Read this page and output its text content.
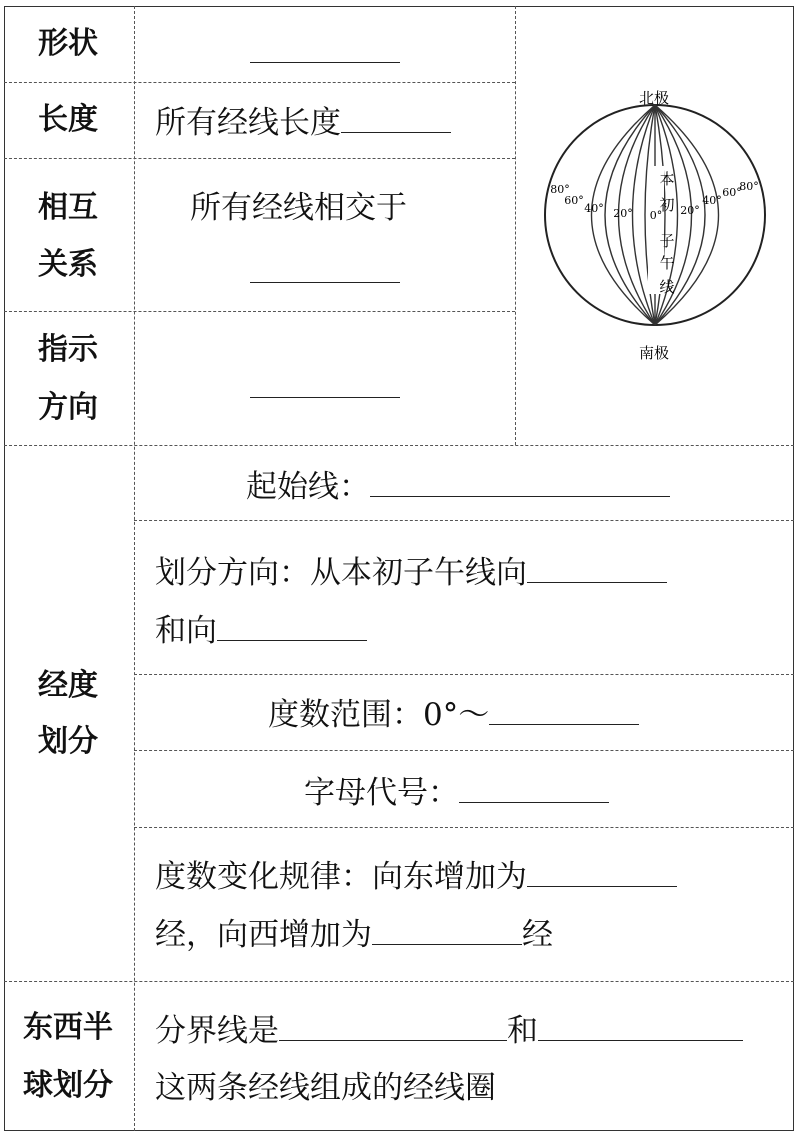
形状
长度
相互
关系
指示
方向
经度
划分
东西半
球划分
所有经线长度
所有经线相交于
起始线：
划分方向：从本初子午线向
和向
度数范围：0°～
字母代号：
度数变化规律：向东增加为
经，向西增加为	经
分界线是	和
这两条经线组成的经线圈
北极
南极
本
初
子
午
线
80°
60°
40° 20° 0° 20°
40°
60°
80°
